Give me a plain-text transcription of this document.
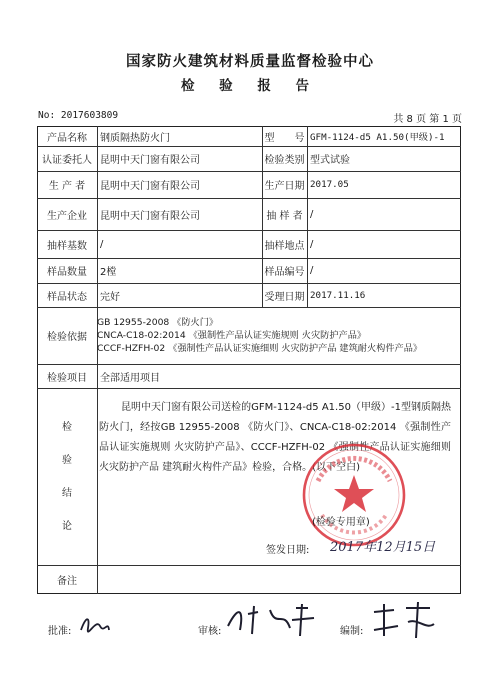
国家防火建筑材料质量监督检验中心
检 验 报 告
No: 2017603809	共 8 页 第 1 页
产品名称	钢质隔热防火门	型　　号 GFM-1124-d5 A1.50(甲级)-1
认证委托人 昆明中天门窗有限公司	检验类别 型式试验
生 产 者	昆明中天门窗有限公司	生产日期 2017.05
生产企业	昆明中天门窗有限公司	抽 样 者 /
抽样基数	/	抽样地点 /
样品数量	2樘	样品编号 /
样品状态	完好	受理日期 2017.11.16
检验依据
GB 12955-2008 《防火门》
CNCA-C18-02:2014 《强制性产品认证实施规则 火灾防护产品》
CCCF-HZFH-02 《强制性产品认证实施细则 火灾防护产品 建筑耐火构件产品》
检验项目	全部适用项目
检
验
结
论
昆明中天门窗有限公司送检的GFM-1124-d5 A1.50（甲级）-1型钢质隔热防火门，经按GB 12955-2008 《防火门》、CNCA-C18-02:2014 《强制性产品认证实施规则 火灾防护产品》、CCCF-HZFH-02 《强制性产品认证实施细则 火灾防护产品 建筑耐火构件产品》检验，合格。(以下空白)
(检验专用章)
签发日期: 2017年12月15日
备注
批准:	审核:	编制:
